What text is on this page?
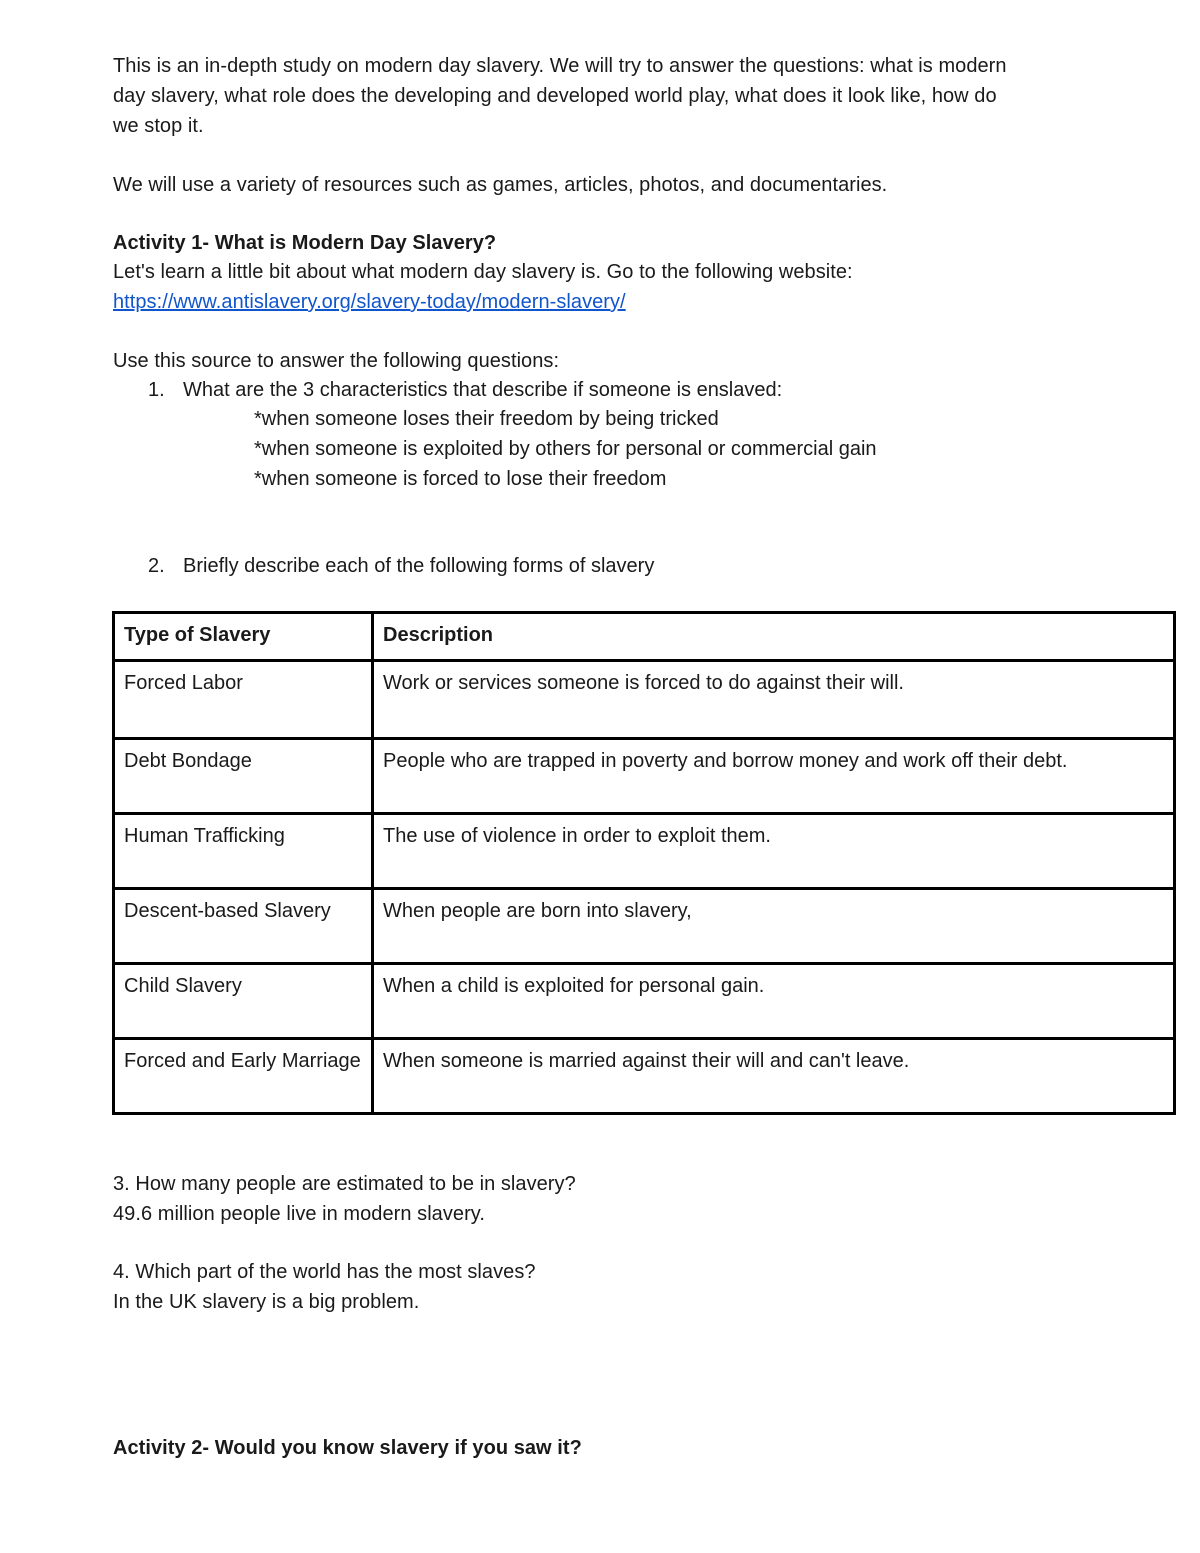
This is an in-depth study on modern day slavery. We will try to answer the questions: what is modern
day slavery, what role does the developing and developed world play, what does it look like, how do
we stop it.
We will use a variety of resources such as games, articles, photos, and documentaries.
Activity 1- What is Modern Day Slavery?
Let's learn a little bit about what modern day slavery is. Go to the following website:
https://www.antislavery.org/slavery-today/modern-slavery/
Use this source to answer the following questions:
1. What are the 3 characteristics that describe if someone is enslaved:
*when someone loses their freedom by being tricked
*when someone is exploited by others for personal or commercial gain
*when someone is forced to lose their freedom
2. Briefly describe each of the following forms of slavery
Type of Slavery	Description
Forced Labor	Work or services someone is forced to do against their will.
Debt Bondage	People who are trapped in poverty and borrow money and work off their debt.
Human Trafficking	The use of violence in order to exploit them.
Descent-based Slavery	When people are born into slavery,
Child Slavery	When a child is exploited for personal gain.
Forced and Early Marriage	When someone is married against their will and can't leave.
3. How many people are estimated to be in slavery?
49.6 million people live in modern slavery.
4. Which part of the world has the most slaves?
In the UK slavery is a big problem.
Activity 2- Would you know slavery if you saw it?
